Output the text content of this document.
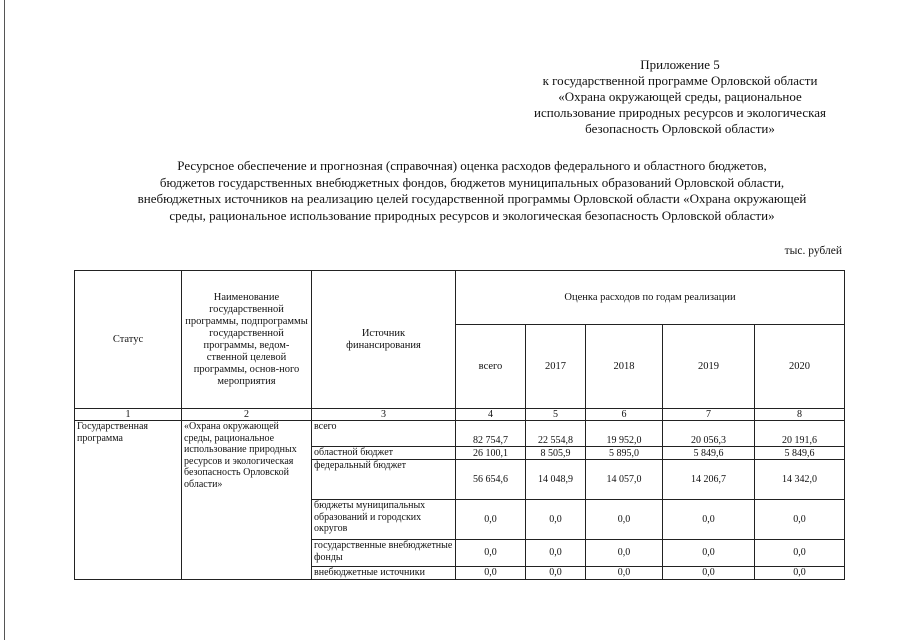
Приложение 5
к государственной программе Орловской области
«Охрана окружающей среды, рациональное
использование природных ресурсов и экологическая
безопасность Орловской области»
Ресурсное обеспечение и прогнозная (справочная) оценка расходов федерального и областного бюджетов,
бюджетов государственных внебюджетных фондов, бюджетов муниципальных образований Орловской области,
внебюджетных источников на реализацию целей государственной программы Орловской области «Охрана окружающей
среды, рациональное использование природных ресурсов и экологическая безопасность Орловской области»
тыс. рублей
Статус	Наименование государственной программы, подпрограммы государственной программы, ведом-ственной целевой программы, основ-ного мероприятия	Источник финансирования	Оценка расходов по годам реализации				
			всего	2017	2018	2019	2020
1	2	3	4	5	6	7	8
Государственная программа	«Охрана окружающей среды, рациональное использование природных ресурсов и экологическая безопасность Орловской области»	всего	82 754,7	22 554,8	19 952,0	20 056,3	20 191,6
		областной бюджет	26 100,1	8 505,9	5 895,0	5 849,6	5 849,6
		федеральный бюджет	56 654,6	14 048,9	14 057,0	14 206,7	14 342,0
		бюджеты муниципальных образований и городских округов	0,0	0,0	0,0	0,0	0,0
		государственные внебюджетные фонды	0,0	0,0	0,0	0,0	0,0
		внебюджетные источники	0,0	0,0	0,0	0,0	0,0
